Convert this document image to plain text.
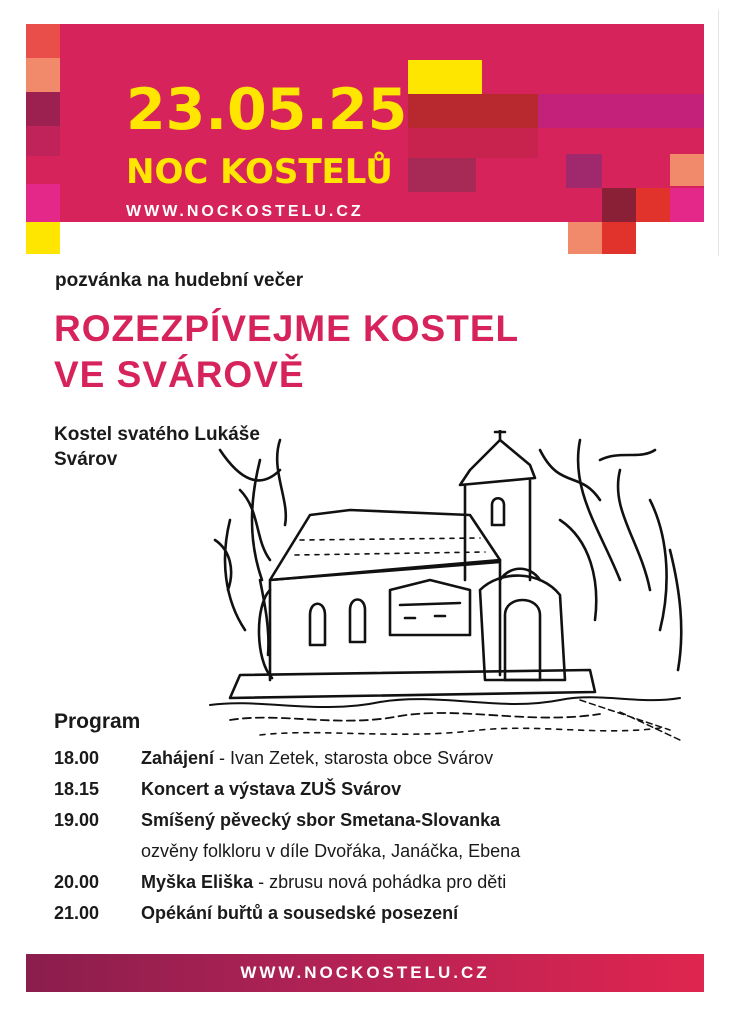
23.05.25
NOC KOSTELŮ
WWW.NOCKOSTELU.CZ
pozvánka na hudební večer
ROZEZPÍVEJME KOSTEL
VE SVÁROVĚ
Kostel svatého Lukáše
Svárov
Program
18.00 Zahájení - Ivan Zetek, starosta obce Svárov
18.15 Koncert a výstava ZUŠ Svárov
19.00 Smíšený pěvecký sbor Smetana-Slovanka
ozvěny folkloru v díle Dvořáka, Janáčka, Ebena
20.00 Myška Eliška - zbrusu nová pohádka pro děti
21.00 Opékání buřtů a sousedské posezení
WWW.NOCKOSTELU.CZ
